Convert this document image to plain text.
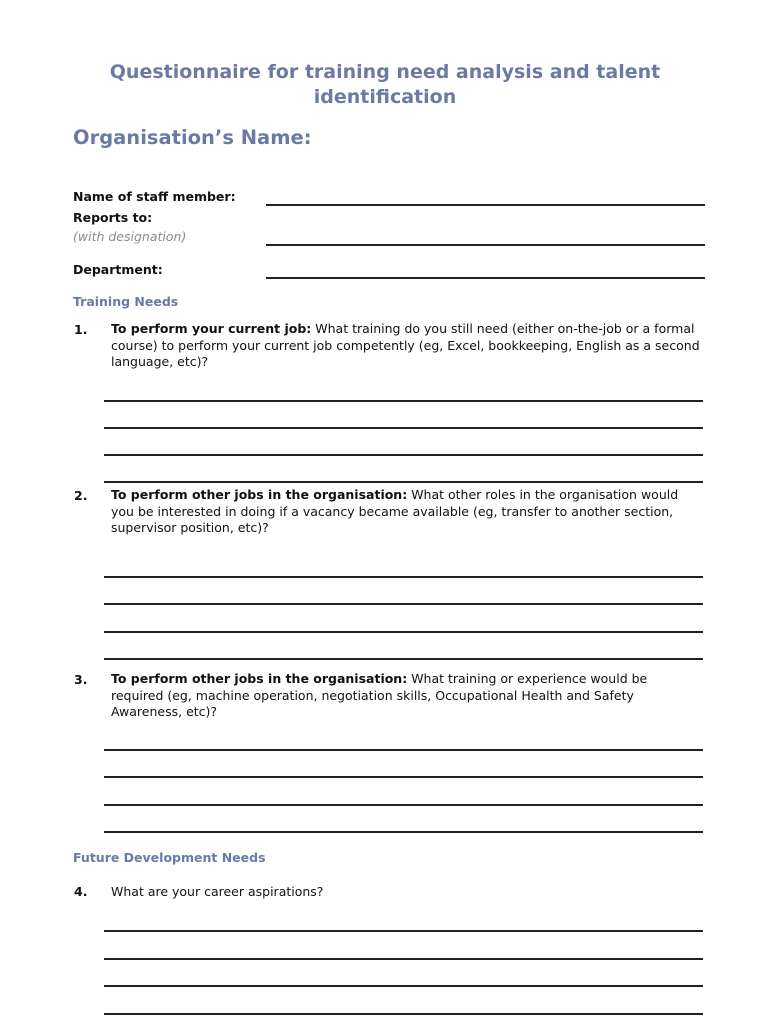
Questionnaire for training need analysis and talent identification
Organisation’s Name:
Name of staff member:
Reports to:
(with designation)
Department:
Training Needs
1. To perform your current job: What training do you still need (either on-the-job or a formal course) to perform your current job competently (eg, Excel, bookkeeping, English as a second language, etc)?
2. To perform other jobs in the organisation: What other roles in the organisation would you be interested in doing if a vacancy became available (eg, transfer to another section, supervisor position, etc)?
3. To perform other jobs in the organisation: What training or experience would be required (eg, machine operation, negotiation skills, Occupational Health and Safety Awareness, etc)?
Future Development Needs
4. What are your career aspirations?
